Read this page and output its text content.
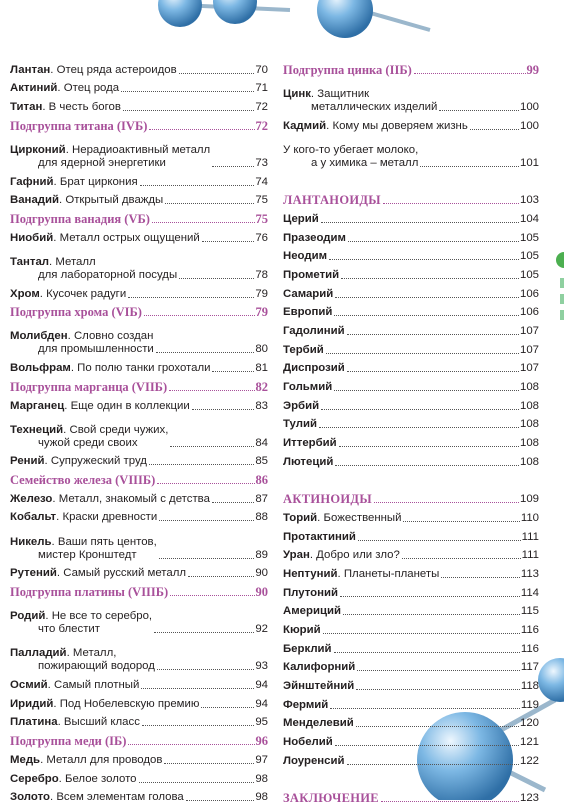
Лантан. Отец ряда астероидов	70
Актиний. Отец рода	71
Титан. В честь богов	72
Подгруппа титана (IVБ)	72
Цирконий. Нерадиоактивный металл
для ядерной энергетики	73
Гафний. Брат циркония	74
Ванадий. Открытый дважды	75
Подгруппа ванадия (VБ)	75
Ниобий. Металл острых ощущений	76
Тантал. Металл
для лабораторной посуды	78
Хром. Кусочек радуги	79
Подгруппа хрома (VIБ)	79
Молибден. Словно создан
для промышленности	80
Вольфрам. По полю танки грохотали	81
Подгруппа марганца (VIIБ)	82
Марганец. Еще один в коллекции	83
Технеций. Свой среди чужих,
чужой среди своих	84
Рений. Супружеский труд	85
Семейство железа (VIIIБ)	86
Железо. Металл, знакомый с детства	87
Кобальт. Краски древности	88
Никель. Ваши пять центов,
мистер Кронштедт	89
Рутений. Самый русский металл	90
Подгруппа платины (VIIIБ)	90
Родий. Не все то серебро,
что блестит	92
Палладий. Металл,
пожирающий водород	93
Осмий. Самый плотный	94
Иридий. Под Нобелевскую премию	94
Платина. Высший класс	95
Подгруппа меди (IБ)	96
Медь. Металл для проводов	97
Серебро. Белое золото	98
Золото. Всем элементам голова	98
Подгруппа цинка (IIБ)	99
Цинк. Защитник
металлических изделий	100
Кадмий. Кому мы доверяем жизнь	100
У кого-то убегает молоко,
а у химика – металл	101
ЛАНТАНОИДЫ	103
Церий	104
Празеодим	105
Неодим	105
Прометий	105
Самарий	106
Европий	106
Гадолиний	107
Тербий	107
Диспрозий	107
Гольмий	108
Эрбий	108
Тулий	108
Иттербий	108
Лютеций	108
АКТИНОИДЫ	109
Торий. Божественный	110
Протактиний	111
Уран. Добро или зло?	111
Нептуний. Планеты-планеты	113
Плутоний	114
Америций	115
Кюрий	116
Берклий	116
Калифорний	117
Эйнштейний	118
Фермий	119
Менделевий	120
Нобелий	121
Лоуренсий	122
ЗАКЛЮЧЕНИЕ	123
